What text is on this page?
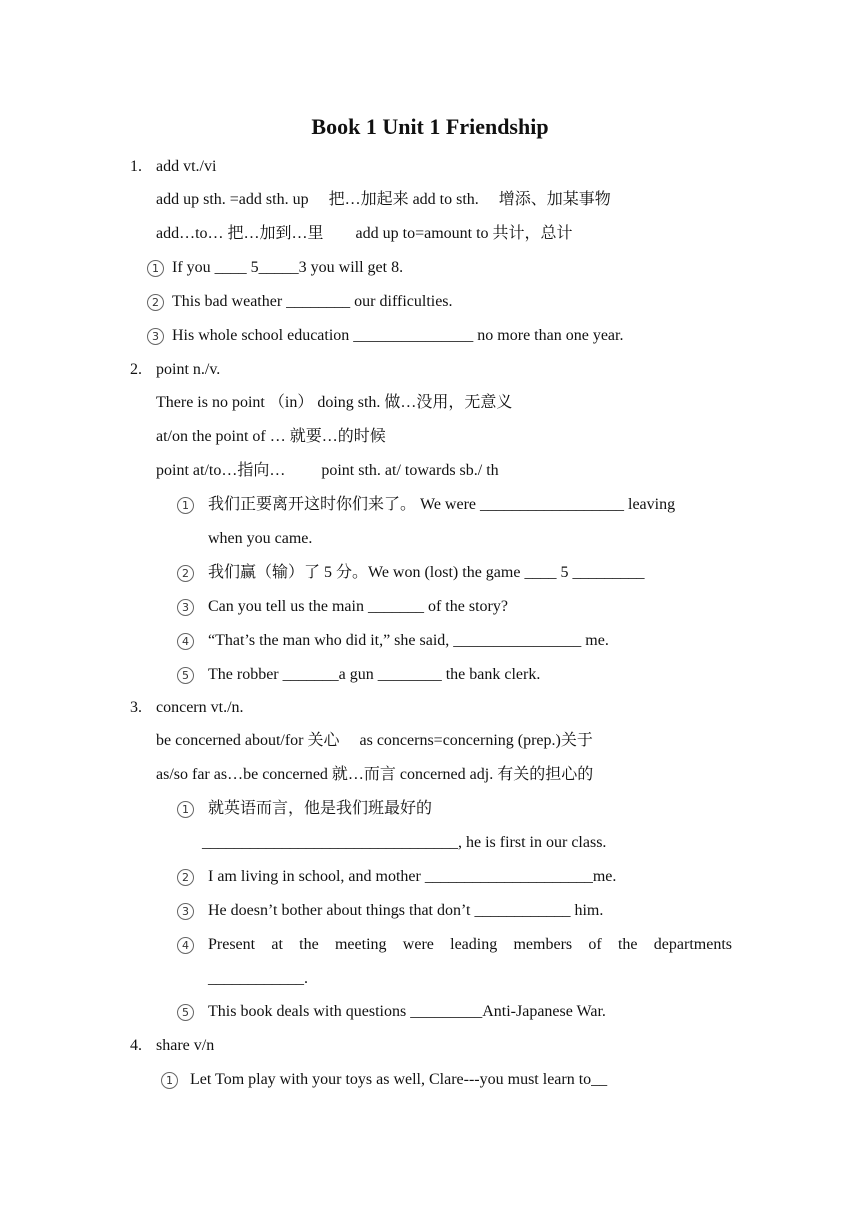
Book 1 Unit 1 Friendship
1. add vt./vi
add up sth. =add sth. up　 把…加起来 add to sth.　 增添、加某事物
add…to… 把…加到…里　　add up to=amount to 共计，总计
1 If you ____ 5_____3 you will get 8.
2 This bad weather ________ our difficulties.
3 His whole school education _______________ no more than one year.
2. point n./v.
There is no point （in） doing sth. 做…没用，无意义
at/on the point of … 就要…的时候
point at/to…指向…　　 point sth. at/ towards sb./ th
1	我们正要离开这时你们来了。 We were __________________ leaving
when you came.
2	我们赢（输）了 5 分。We won (lost) the game ____ 5 _________
3	Can you tell us the main _______ of the story?
4	“That’s the man who did it,” she said, ________________ me.
5	The robber _______a gun ________ the bank clerk.
3. concern vt./n.
be concerned about/for 关心　 as concerns=concerning (prep.)关于
as/so far as…be concerned 就…而言 concerned adj. 有关的担心的
1	就英语而言，他是我们班最好的
________________________________, he is first in our class.
2	I am living in school, and mother _____________________me.
3	He doesn’t bother about things that don’t ____________ him.
4	Present at the meeting were leading members of the departments
____________.
5	This book deals with questions _________Anti-Japanese War.
4. share v/n
1	Let Tom play with your toys as well, Clare---you must learn to__
